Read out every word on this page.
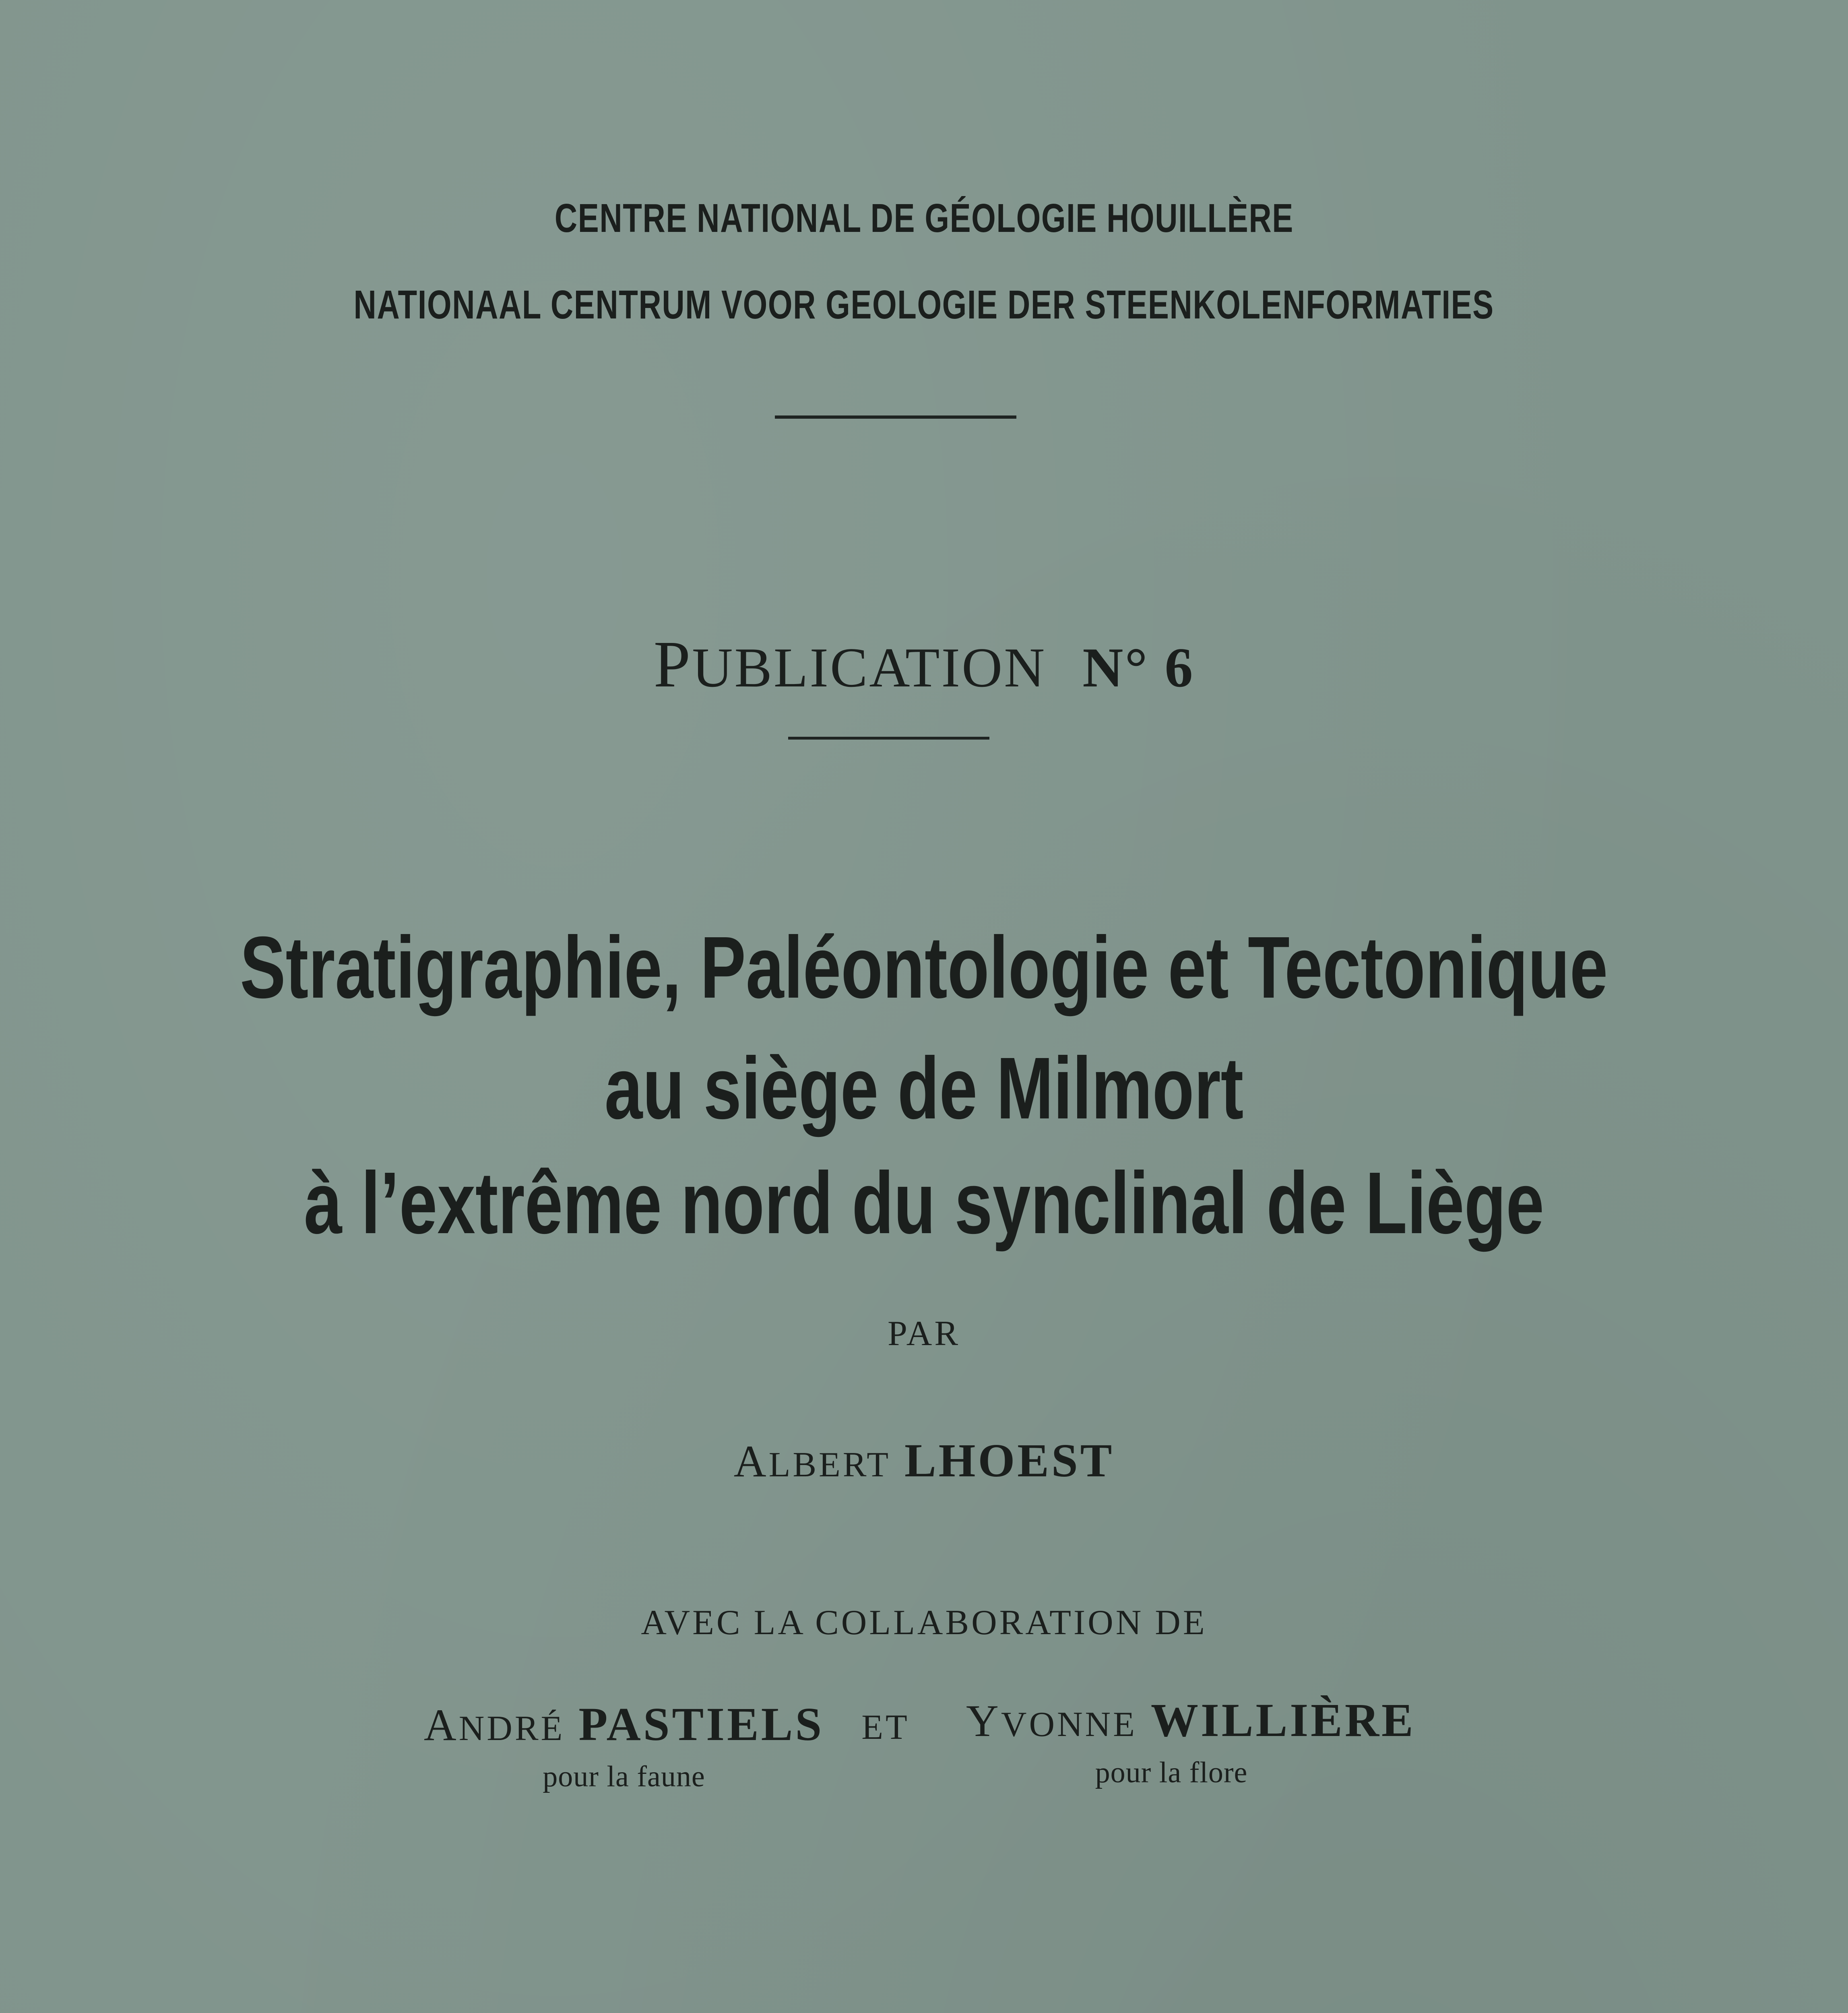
CENTRE NATIONAL DE GÉOLOGIE HOUILLÈRE
NATIONAAL CENTRUM VOOR GEOLOGIE DER STEENKOLENFORMATIES
PUBLICATION N° 6
Stratigraphie, Paléontologie et Tectonique
au siège de Milmort
à l’extrême nord du synclinal de Liège
PAR
ALBERT LHOEST
AVEC LA COLLABORATION DE
ANDRÉ PASTIELS
pour la faune
ET	YVONNE WILLIÈRE
pour la flore
